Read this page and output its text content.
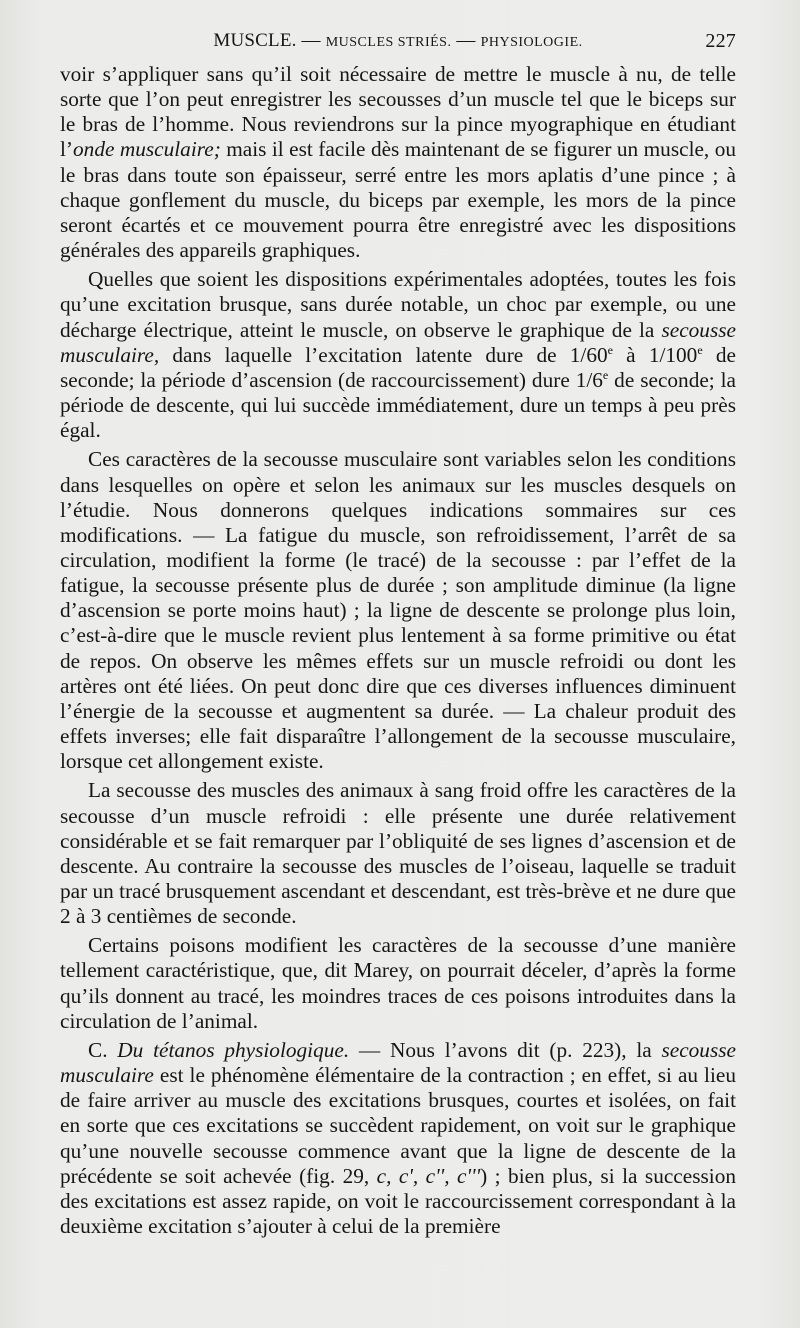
MUSCLE. — MUSCLES STRIÉS. — PHYSIOLOGIE.	227

voir s’appliquer sans qu’il soit nécessaire de mettre le muscle à nu, de telle sorte que l’on peut enregistrer les secousses d’un muscle tel que le biceps sur le bras de l’homme. Nous reviendrons sur la pince myographique en étudiant l’onde musculaire; mais il est facile dès maintenant de se figurer un muscle, ou le bras dans toute son épaisseur, serré entre les mors aplatis d’une pince ; à chaque gonflement du muscle, du biceps par exemple, les mors de la pince seront écartés et ce mouvement pourra être enregistré avec les dispositions générales des appareils graphiques.

Quelles que soient les dispositions expérimentales adoptées, toutes les fois qu’une excitation brusque, sans durée notable, un choc par exemple, ou une décharge électrique, atteint le muscle, on observe le graphique de la secousse musculaire, dans laquelle l’excitation latente dure de 1/60e à 1/100e de seconde; la période d’ascension (de raccourcissement) dure 1/6e de seconde; la période de descente, qui lui succède immédiatement, dure un temps à peu près égal.

Ces caractères de la secousse musculaire sont variables selon les conditions dans lesquelles on opère et selon les animaux sur les muscles desquels on l’étudie. Nous donnerons quelques indications sommaires sur ces modifications. — La fatigue du muscle, son refroidissement, l’arrêt de sa circulation, modifient la forme (le tracé) de la secousse : par l’effet de la fatigue, la secousse présente plus de durée ; son amplitude diminue (la ligne d’ascension se porte moins haut) ; la ligne de descente se prolonge plus loin, c’est-à-dire que le muscle revient plus lentement à sa forme primitive ou état de repos. On observe les mêmes effets sur un muscle refroidi ou dont les artères ont été liées. On peut donc dire que ces diverses influences diminuent l’énergie de la secousse et augmentent sa durée. — La chaleur produit des effets inverses; elle fait disparaître l’allongement de la secousse musculaire, lorsque cet allongement existe.

La secousse des muscles des animaux à sang froid offre les caractères de la secousse d’un muscle refroidi : elle présente une durée relativement considérable et se fait remarquer par l’obliquité de ses lignes d’ascension et de descente. Au contraire la secousse des muscles de l’oiseau, laquelle se traduit par un tracé brusquement ascendant et descendant, est très-brève et ne dure que 2 à 3 centièmes de seconde.

Certains poisons modifient les caractères de la secousse d’une manière tellement caractéristique, que, dit Marey, on pourrait déceler, d’après la forme qu’ils donnent au tracé, les moindres traces de ces poisons introduites dans la circulation de l’animal.

C. Du tétanos physiologique. — Nous l’avons dit (p. 223), la secousse musculaire est le phénomène élémentaire de la contraction ; en effet, si au lieu de faire arriver au muscle des excitations brusques, courtes et isolées, on fait en sorte que ces excitations se succèdent rapidement, on voit sur le graphique qu’une nouvelle secousse commence avant que la ligne de descente de la précédente se soit achevée (fig. 29, c, c', c'', c''') ; bien plus, si la succession des excitations est assez rapide, on voit le raccourcissement correspondant à la deuxième excitation s’ajouter à celui de la première
